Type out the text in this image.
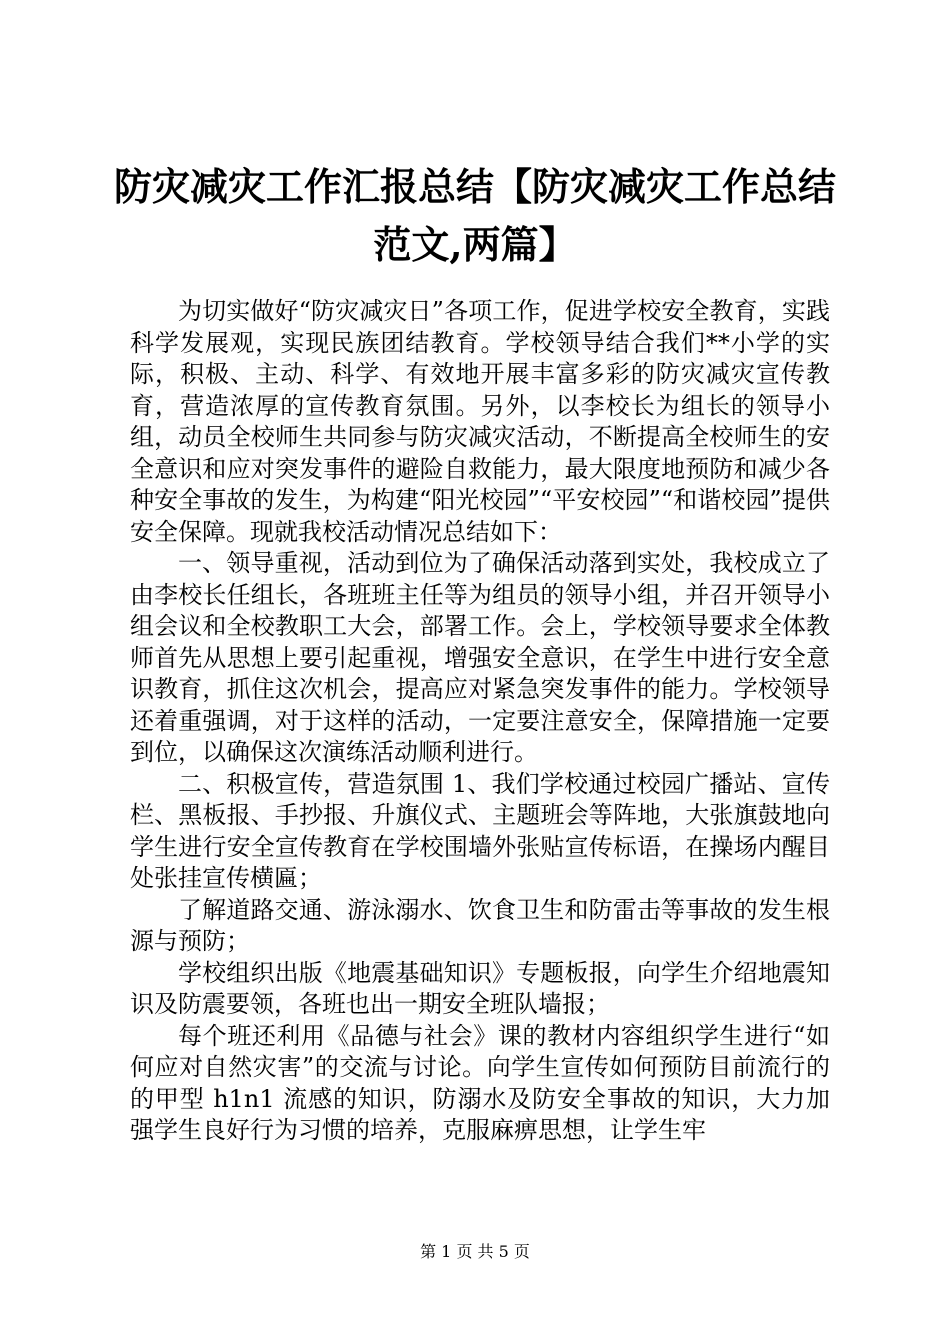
防灾减灾工作汇报总结【防灾减灾工作总结范文,两篇】

为切实做好“防灾减灾日”各项工作，促进学校安全教育，实践科学发展观，实现民族团结教育。学校领导结合我们**小学的实际，积极、主动、科学、有效地开展丰富多彩的防灾减灾宣传教育，营造浓厚的宣传教育氛围。另外，以李校长为组长的领导小组，动员全校师生共同参与防灾减灾活动，不断提高全校师生的安全意识和应对突发事件的避险自救能力，最大限度地预防和减少各种安全事故的发生，为构建“阳光校园”“平安校园”“和谐校园”提供安全保障。现就我校活动情况总结如下：

一、领导重视，活动到位为了确保活动落到实处，我校成立了由李校长任组长，各班班主任等为组员的领导小组，并召开领导小组会议和全校教职工大会，部署工作。会上，学校领导要求全体教师首先从思想上要引起重视，增强安全意识，在学生中进行安全意识教育，抓住这次机会，提高应对紧急突发事件的能力。学校领导还着重强调，对于这样的活动，一定要注意安全，保障措施一定要到位，以确保这次演练活动顺利进行。

二、积极宣传，营造氛围 1、我们学校通过校园广播站、宣传栏、黑板报、手抄报、升旗仪式、主题班会等阵地，大张旗鼓地向学生进行安全宣传教育在学校围墙外张贴宣传标语，在操场内醒目处张挂宣传横匾；

了解道路交通、游泳溺水、饮食卫生和防雷击等事故的发生根源与预防；

学校组织出版《地震基础知识》专题板报，向学生介绍地震知识及防震要领，各班也出一期安全班队墙报；

每个班还利用《品德与社会》课的教材内容组织学生进行“如何应对自然灾害”的交流与讨论。向学生宣传如何预防目前流行的的甲型 h1n1 流感的知识，防溺水及防安全事故的知识，大力加强学生良好行为习惯的培养，克服麻痹思想，让学生牢

第 1 页 共 5 页
